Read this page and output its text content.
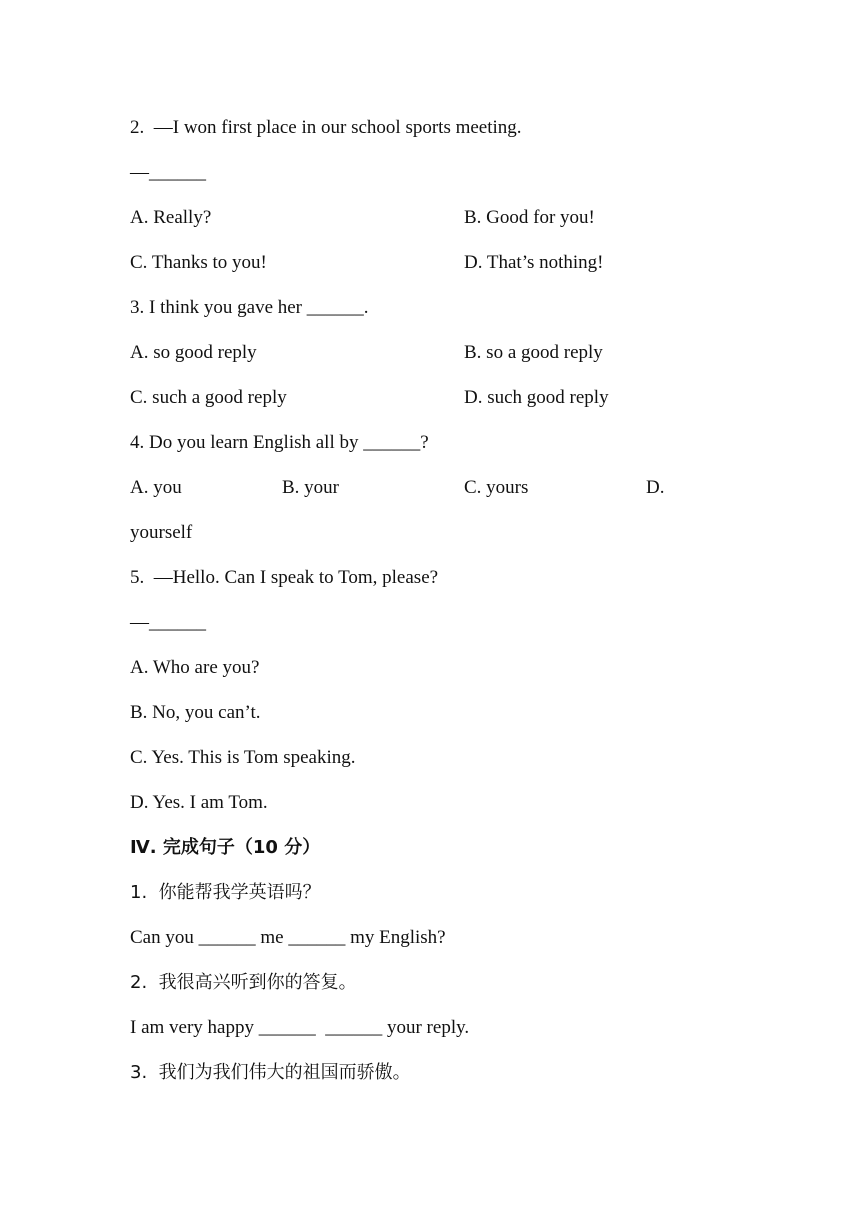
2.  —I won first place in our school sports meeting.
—______
A. Really?	B. Good for you!
C. Thanks to you!	D. That’s nothing!
3. I think you gave her ______.
A. so good reply	B. so a good reply
C. such a good reply	D. such good reply
4. Do you learn English all by ______?
A. you	B. your	C. yours	D.
yourself
5.  —Hello. Can I speak to Tom, please?
—______
A. Who are you?
B. No, you can’t.
C. Yes. This is Tom speaking.
D. Yes. I am Tom.
Ⅳ. 完成句子（10 分）
1.  你能帮我学英语吗？
Can you ______ me ______ my English?
2.  我很高兴听到你的答复。
I am very happy ______  ______ your reply.
3.  我们为我们伟大的祖国而骄傲。
